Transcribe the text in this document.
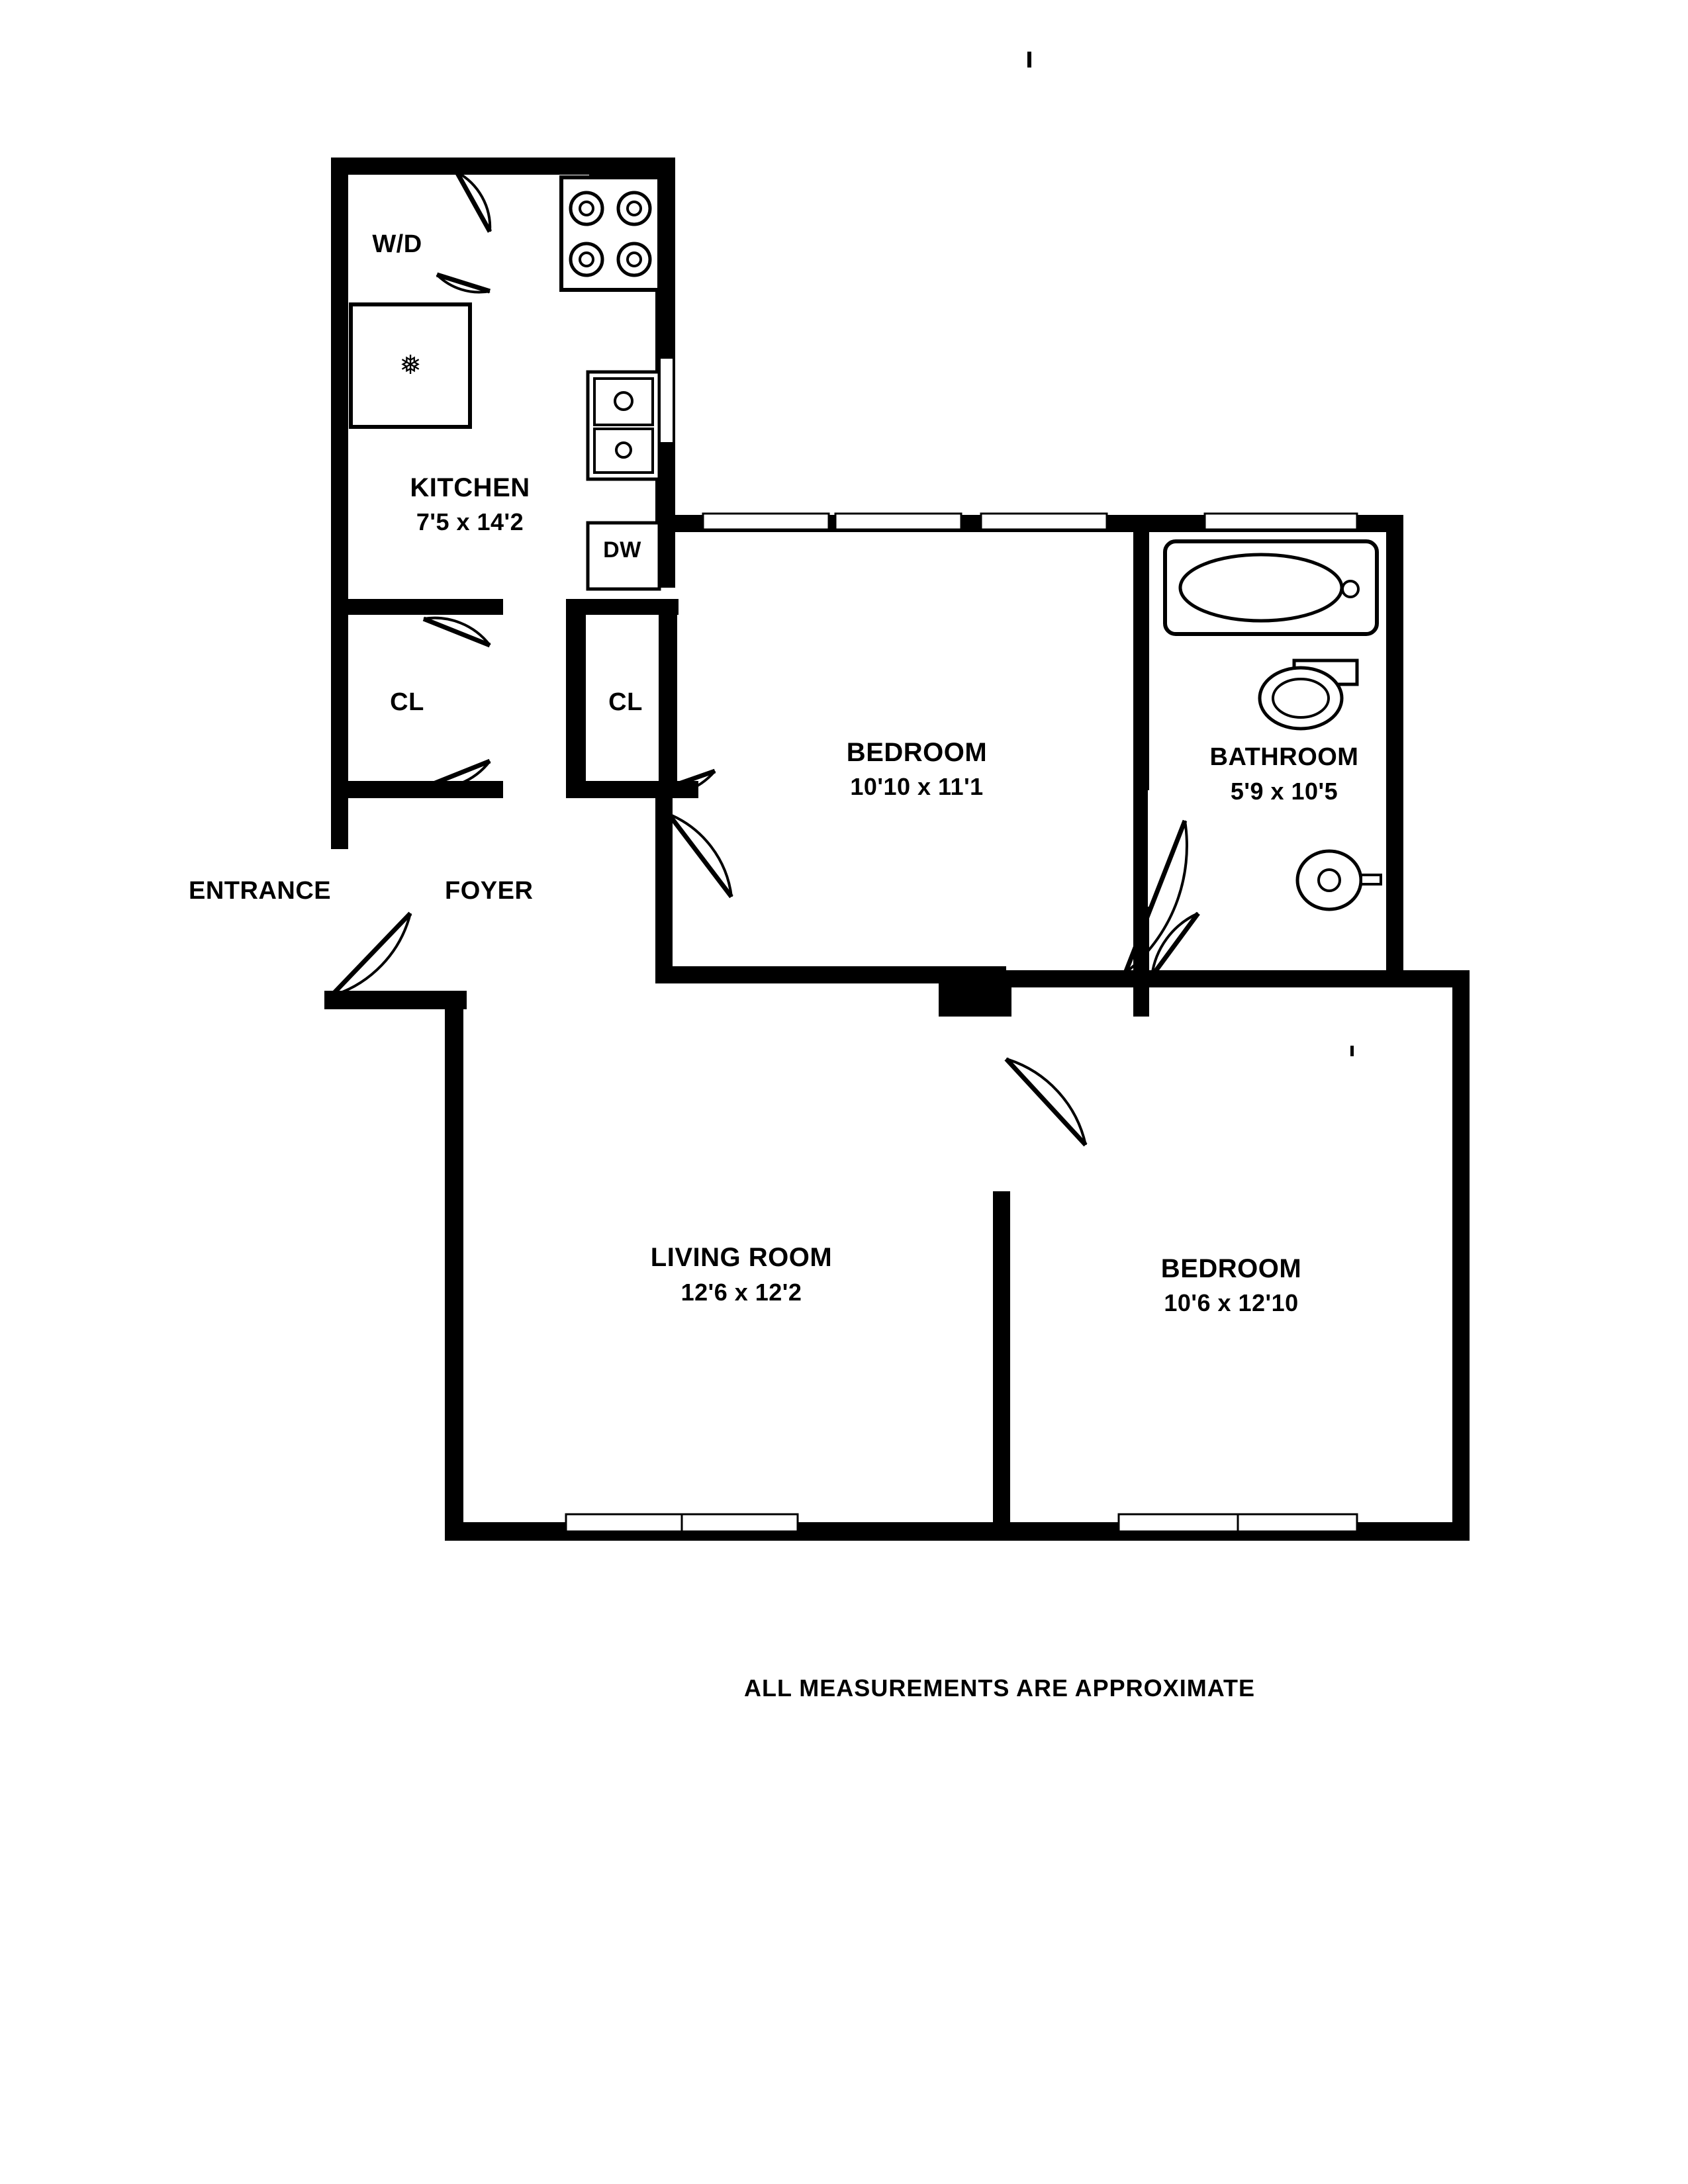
❅
W/D
KITCHEN
7'5 x 14'2
DW
CL	CL
BEDROOM
10'10 x 11'1
BATHROOM
5'9 x 10'5
ENTRANCE	FOYER
LIVING ROOM
12'6 x 12'2
BEDROOM
10'6 x 12'10
ALL MEASUREMENTS ARE APPROXIMATE
